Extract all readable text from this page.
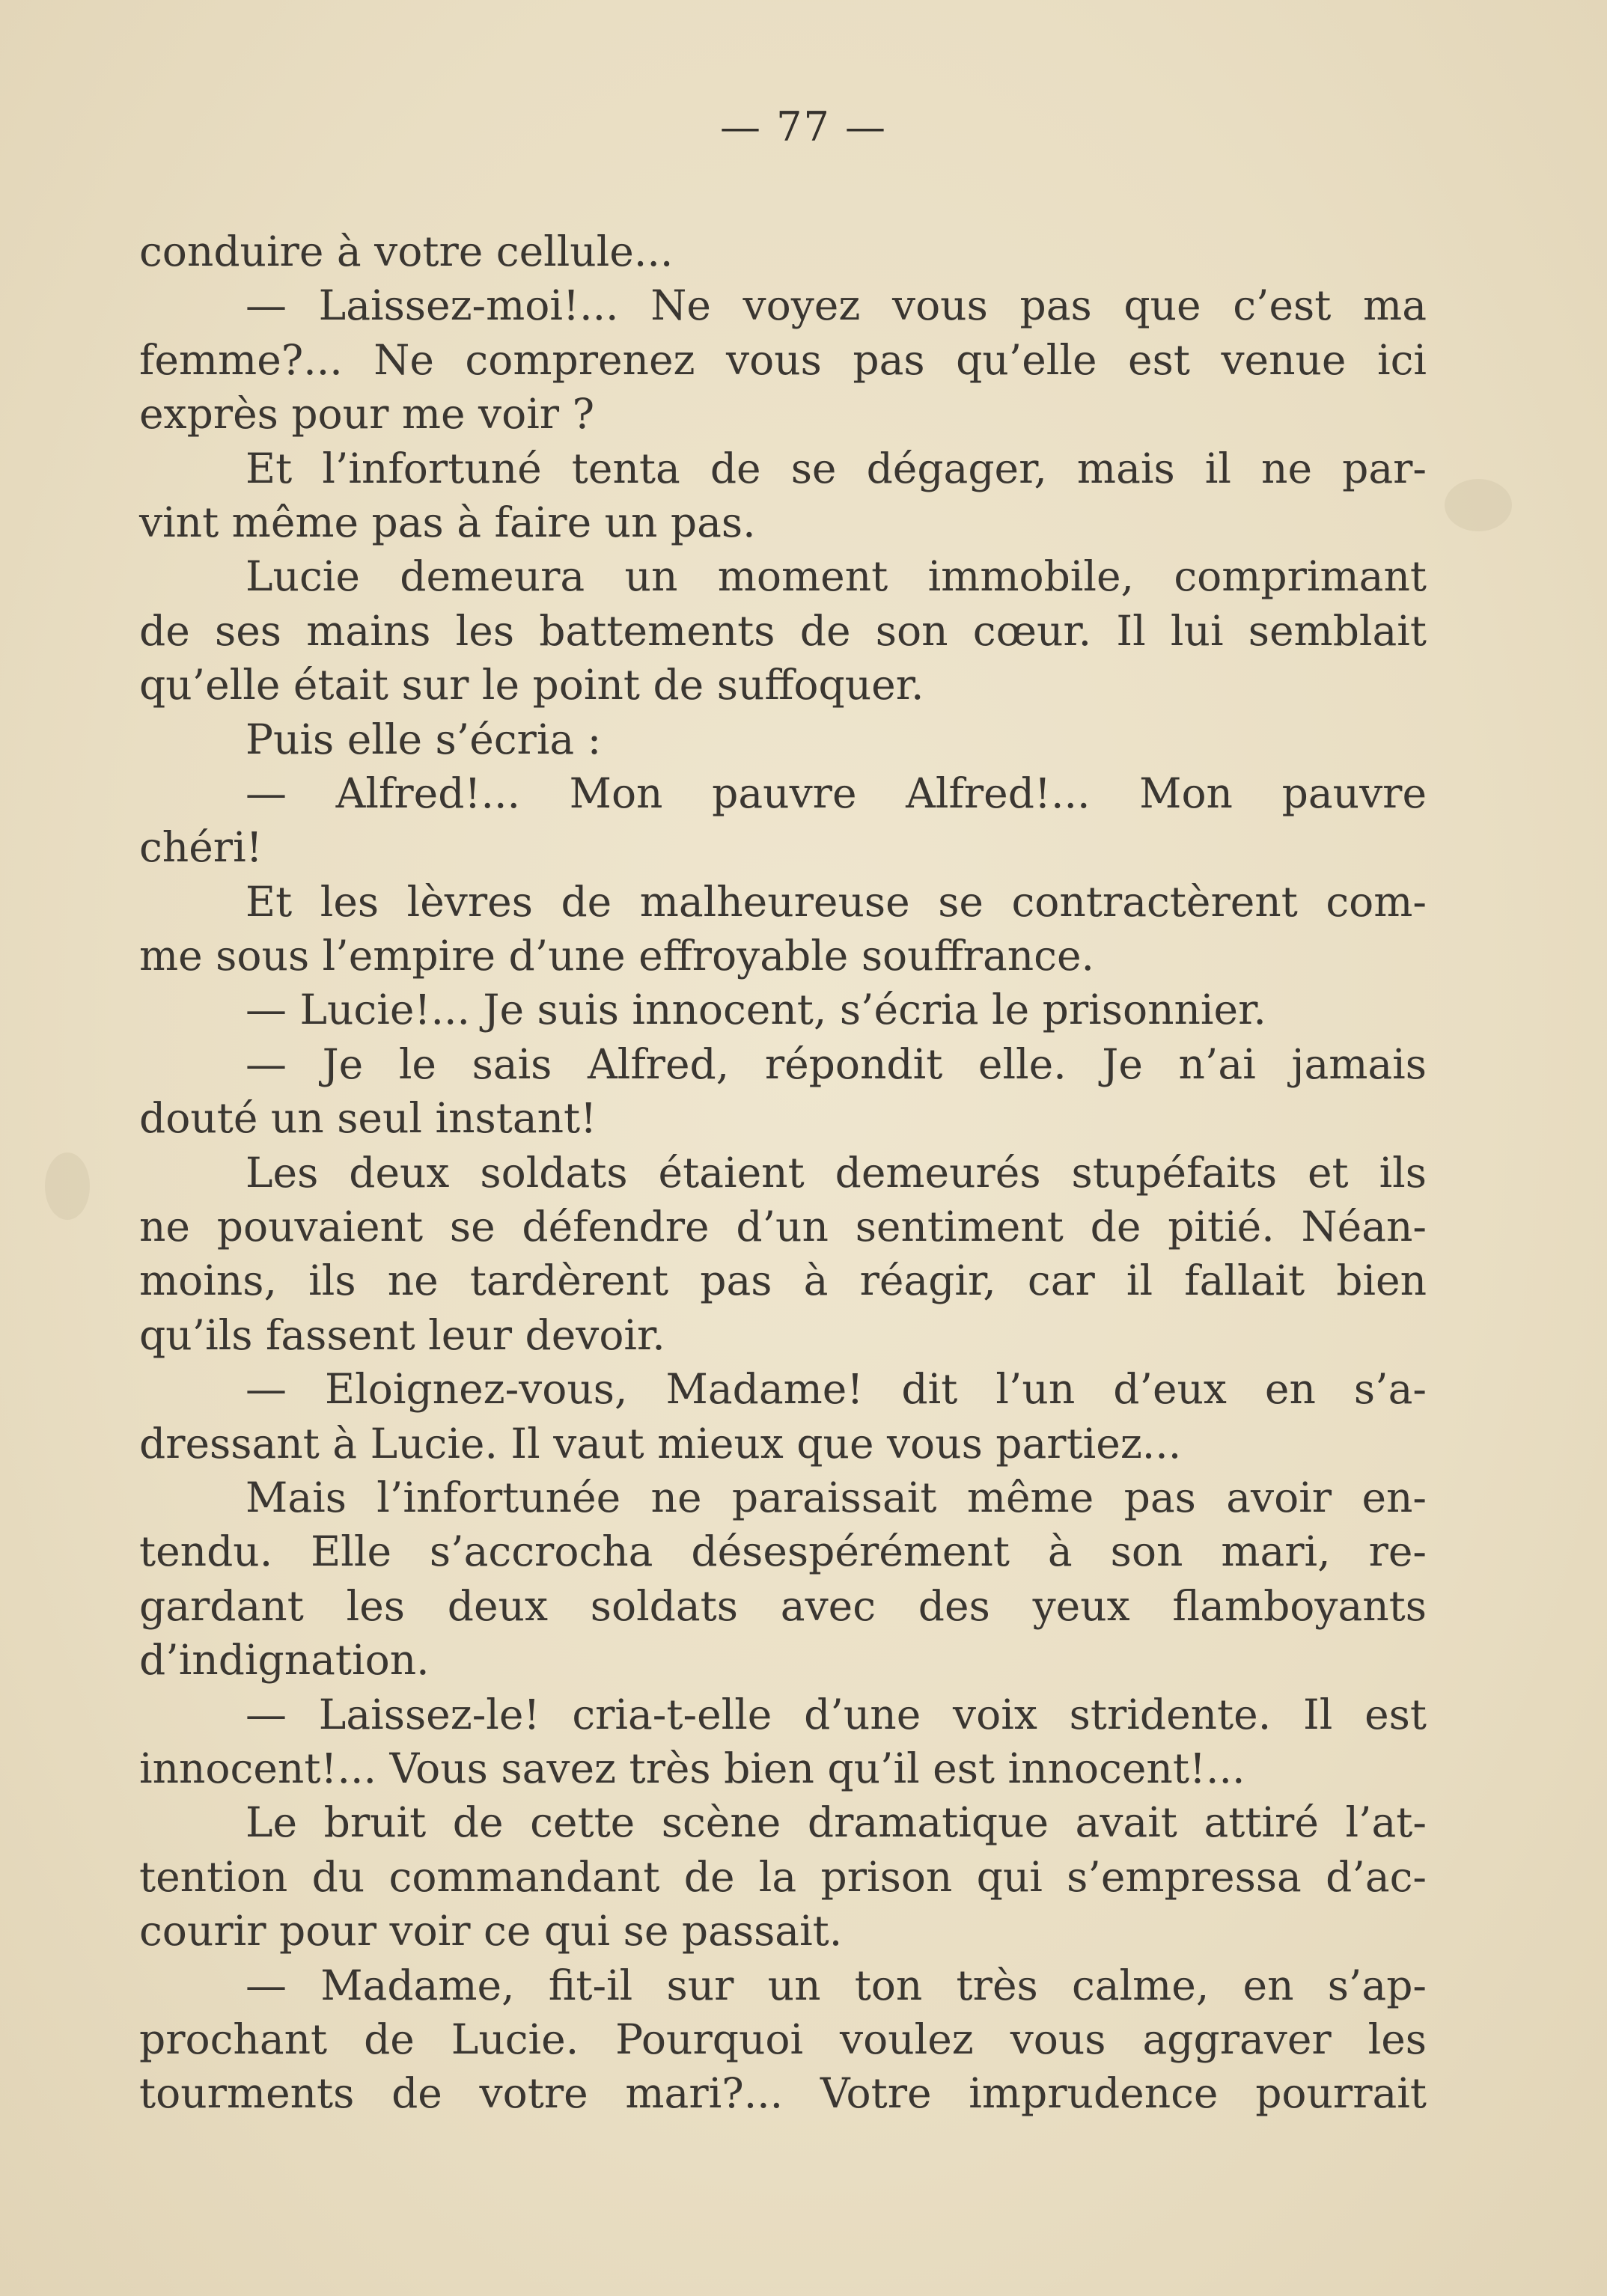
— 77 —
conduire à votre cellule...
— Laissez-moi!... Ne voyez vous pas que c’est ma
femme?... Ne comprenez vous pas qu’elle est venue ici
exprès pour me voir ?
Et l’infortuné tenta de se dégager, mais il ne par-
vint même pas à faire un pas.
Lucie demeura un moment immobile, comprimant
de ses mains les battements de son cœur. Il lui semblait
qu’elle était sur le point de suffoquer.
Puis elle s’écria :
— Alfred!... Mon pauvre Alfred!... Mon pauvre
chéri!
Et les lèvres de malheureuse se contractèrent com-
me sous l’empire d’une effroyable souffrance.
— Lucie!... Je suis innocent, s’écria le prisonnier.
— Je le sais Alfred, répondit elle. Je n’ai jamais
douté un seul instant!
Les deux soldats étaient demeurés stupéfaits et ils
ne pouvaient se défendre d’un sentiment de pitié. Néan-
moins, ils ne tardèrent pas à réagir, car il fallait bien
qu’ils fassent leur devoir.
— Eloignez-vous, Madame! dit l’un d’eux en s’a-
dressant à Lucie. Il vaut mieux que vous partiez...
Mais l’infortunée ne paraissait même pas avoir en-
tendu. Elle s’accrocha désespérément à son mari, re-
gardant les deux soldats avec des yeux flamboyants
d’indignation.
— Laissez-le! cria-t-elle d’une voix stridente. Il est
innocent!... Vous savez très bien qu’il est innocent!...
Le bruit de cette scène dramatique avait attiré l’at-
tention du commandant de la prison qui s’empressa d’ac-
courir pour voir ce qui se passait.
— Madame, fit-il sur un ton très calme, en s’ap-
prochant de Lucie. Pourquoi voulez vous aggraver les
tourments de votre mari?... Votre imprudence pourrait
